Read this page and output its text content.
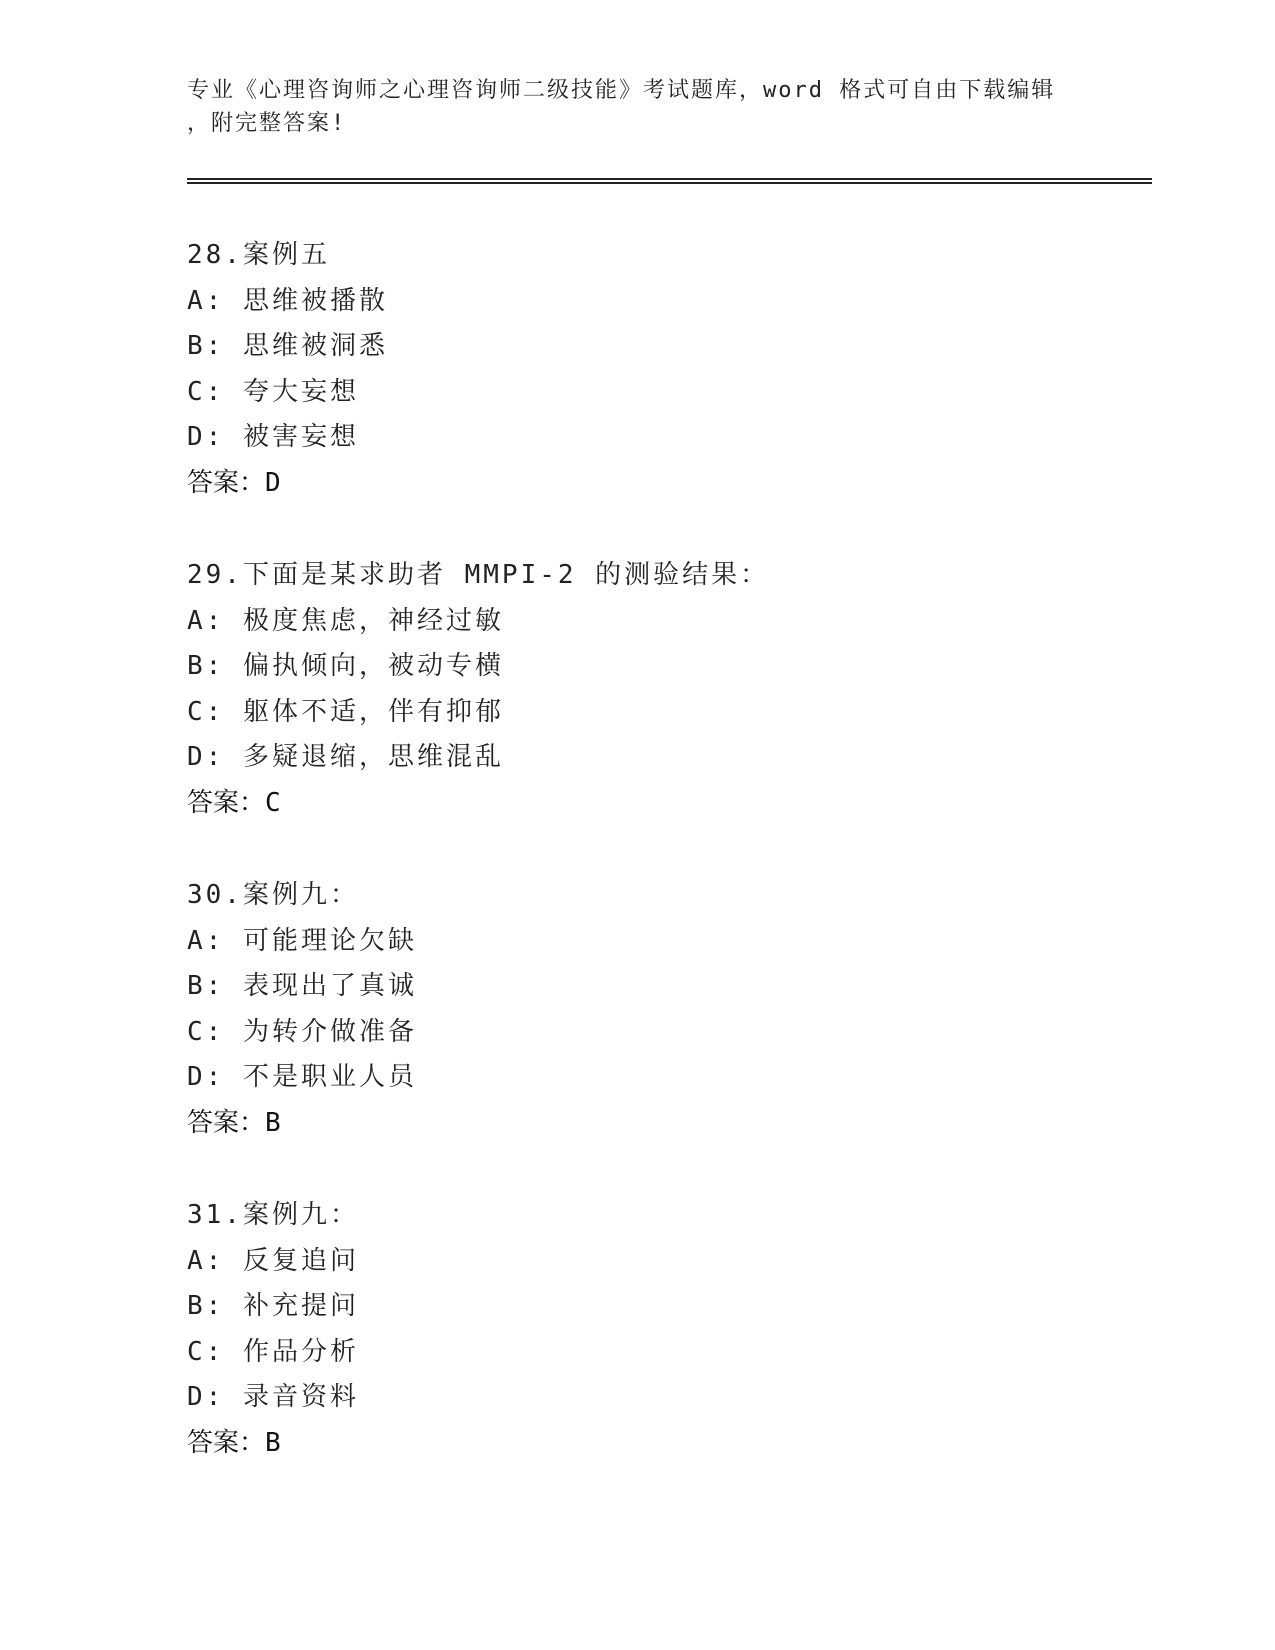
专业《心理咨询师之心理咨询师二级技能》考试题库，word 格式可自由下载编辑
，附完整答案!
28.案例五
A: 思维被播散
B: 思维被洞悉
C: 夸大妄想
D: 被害妄想
答案：D
29.下面是某求助者 MMPI-2 的测验结果：
A: 极度焦虑，神经过敏
B: 偏执倾向，被动专横
C: 躯体不适，伴有抑郁
D: 多疑退缩，思维混乱
答案：C
30.案例九：
A: 可能理论欠缺
B: 表现出了真诚
C: 为转介做准备
D: 不是职业人员
答案：B
31.案例九：
A: 反复追问
B: 补充提问
C: 作品分析
D: 录音资料
答案：B
